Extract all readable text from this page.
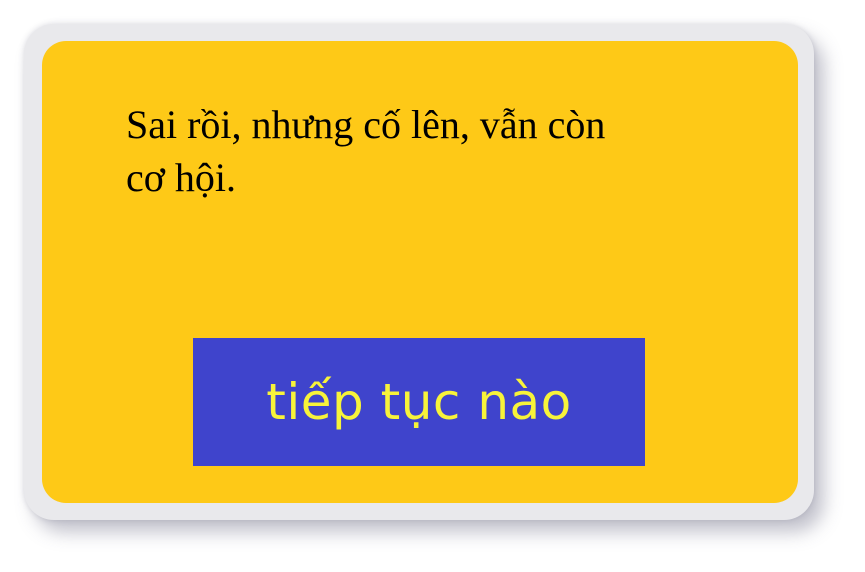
Sai rồi, nhưng cố lên, vẫn còn cơ hội.

tiếp tục nào
